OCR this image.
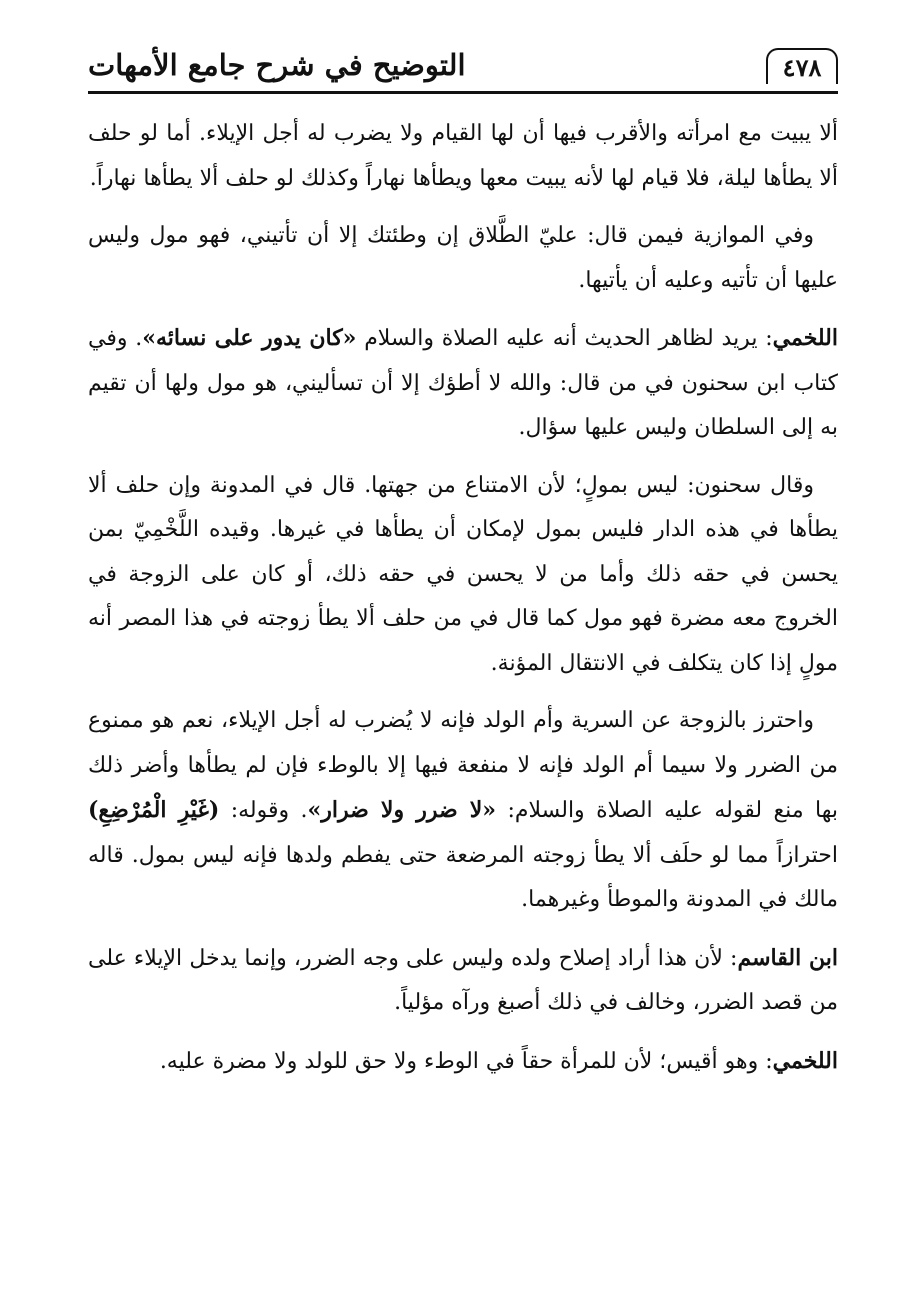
٤٧٨
التوضيح في شرح جامع الأمهات

ألا يبيت مع امرأته والأقرب فيها أن لها القيام ولا يضرب له أجل الإيلاء. أما لو حلف ألا يطأها ليلة، فلا قيام لها لأنه يبيت معها ويطأها نهاراً وكذلك لو حلف ألا يطأها نهاراً.

وفي الموازية فيمن قال: عليّ الطَّلاق إن وطئتك إلا أن تأتيني، فهو مول وليس عليها أن تأتيه وعليه أن يأتيها.

اللخمي: يريد لظاهر الحديث أنه عليه الصلاة والسلام «كان يدور على نسائه». وفي كتاب ابن سحنون في من قال: والله لا أطؤك إلا أن تسأليني، هو مول ولها أن تقيم به إلى السلطان وليس عليها سؤال.

وقال سحنون: ليس بمولٍ؛ لأن الامتناع من جهتها. قال في المدونة وإن حلف ألا يطأها في هذه الدار فليس بمول لإمكان أن يطأها في غيرها. وقيده اللَّخْمِيّ بمن يحسن في حقه ذلك وأما من لا يحسن في حقه ذلك، أو كان على الزوجة في الخروج معه مضرة فهو مول كما قال في من حلف ألا يطأ زوجته في هذا المصر أنه مولٍ إذا كان يتكلف في الانتقال المؤنة.

واحترز بالزوجة عن السرية وأم الولد فإنه لا يُضرب له أجل الإيلاء، نعم هو ممنوع من الضرر ولا سيما أم الولد فإنه لا منفعة فيها إلا بالوطء فإن لم يطأها وأضر ذلك بها منع لقوله عليه الصلاة والسلام: «لا ضرر ولا ضرار». وقوله: (غَيْرِ الْمُرْضِعِ) احترازاً مما لو حلَف ألا يطأ زوجته المرضعة حتى يفطم ولدها فإنه ليس بمول. قاله مالك في المدونة والموطأ وغيرهما.

ابن القاسم: لأن هذا أراد إصلاح ولده وليس على وجه الضرر، وإنما يدخل الإيلاء على من قصد الضرر، وخالف في ذلك أصبغ ورآه مؤلياً.

اللخمي: وهو أقيس؛ لأن للمرأة حقاً في الوطء ولا حق للولد ولا مضرة عليه.
